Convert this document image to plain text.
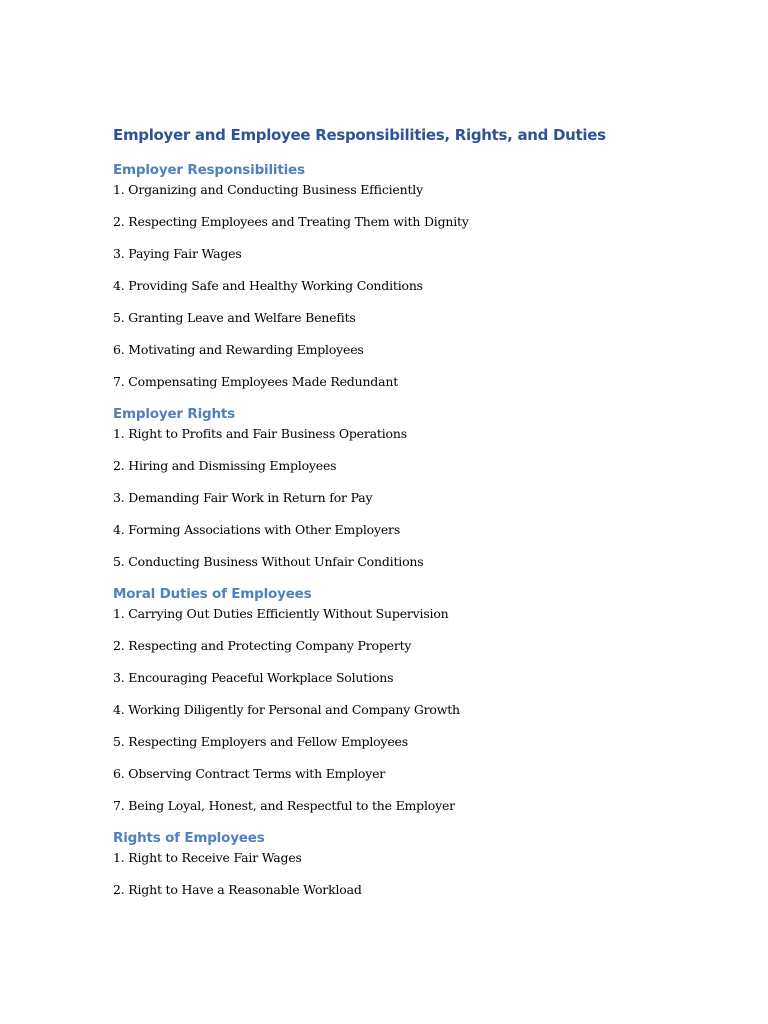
Employer and Employee Responsibilities, Rights, and Duties
Employer Responsibilities
1. Organizing and Conducting Business Efficiently
2. Respecting Employees and Treating Them with Dignity
3. Paying Fair Wages
4. Providing Safe and Healthy Working Conditions
5. Granting Leave and Welfare Benefits
6. Motivating and Rewarding Employees
7. Compensating Employees Made Redundant
Employer Rights
1. Right to Profits and Fair Business Operations
2. Hiring and Dismissing Employees
3. Demanding Fair Work in Return for Pay
4. Forming Associations with Other Employers
5. Conducting Business Without Unfair Conditions
Moral Duties of Employees
1. Carrying Out Duties Efficiently Without Supervision
2. Respecting and Protecting Company Property
3. Encouraging Peaceful Workplace Solutions
4. Working Diligently for Personal and Company Growth
5. Respecting Employers and Fellow Employees
6. Observing Contract Terms with Employer
7. Being Loyal, Honest, and Respectful to the Employer
Rights of Employees
1. Right to Receive Fair Wages
2. Right to Have a Reasonable Workload
